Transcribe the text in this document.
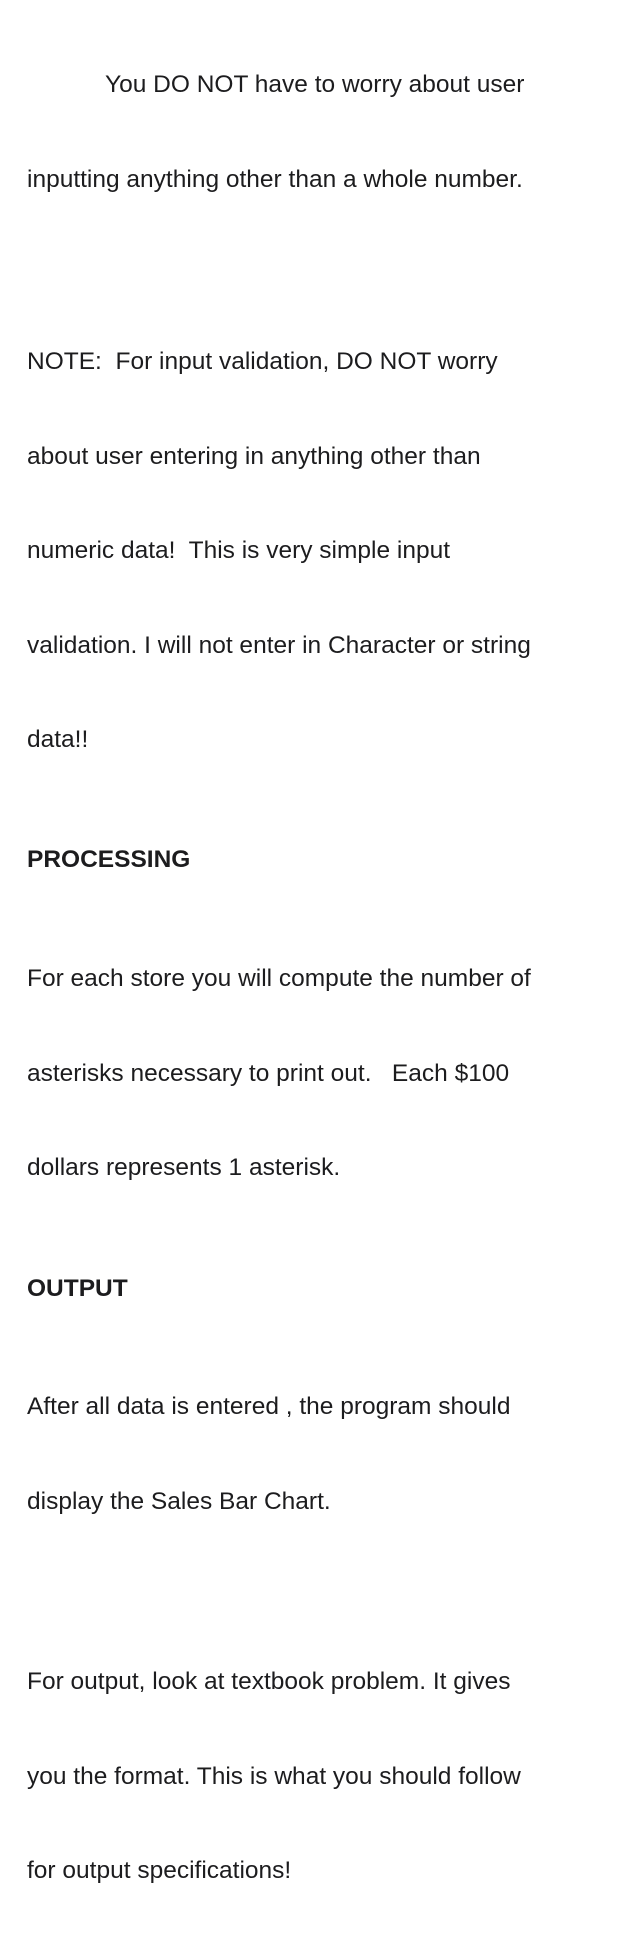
You DO NOT have to worry about user

inputting anything other than a whole number.

NOTE:  For input validation, DO NOT worry

about user entering in anything other than

numeric data!  This is very simple input

validation. I will not enter in Character or string

data!!

PROCESSING

For each store you will compute the number of

asterisks necessary to print out.   Each $100

dollars represents 1 asterisk.

OUTPUT

After all data is entered , the program should

display the Sales Bar Chart.

For output, look at textbook problem. It gives

you the format. This is what you should follow

for output specifications!
